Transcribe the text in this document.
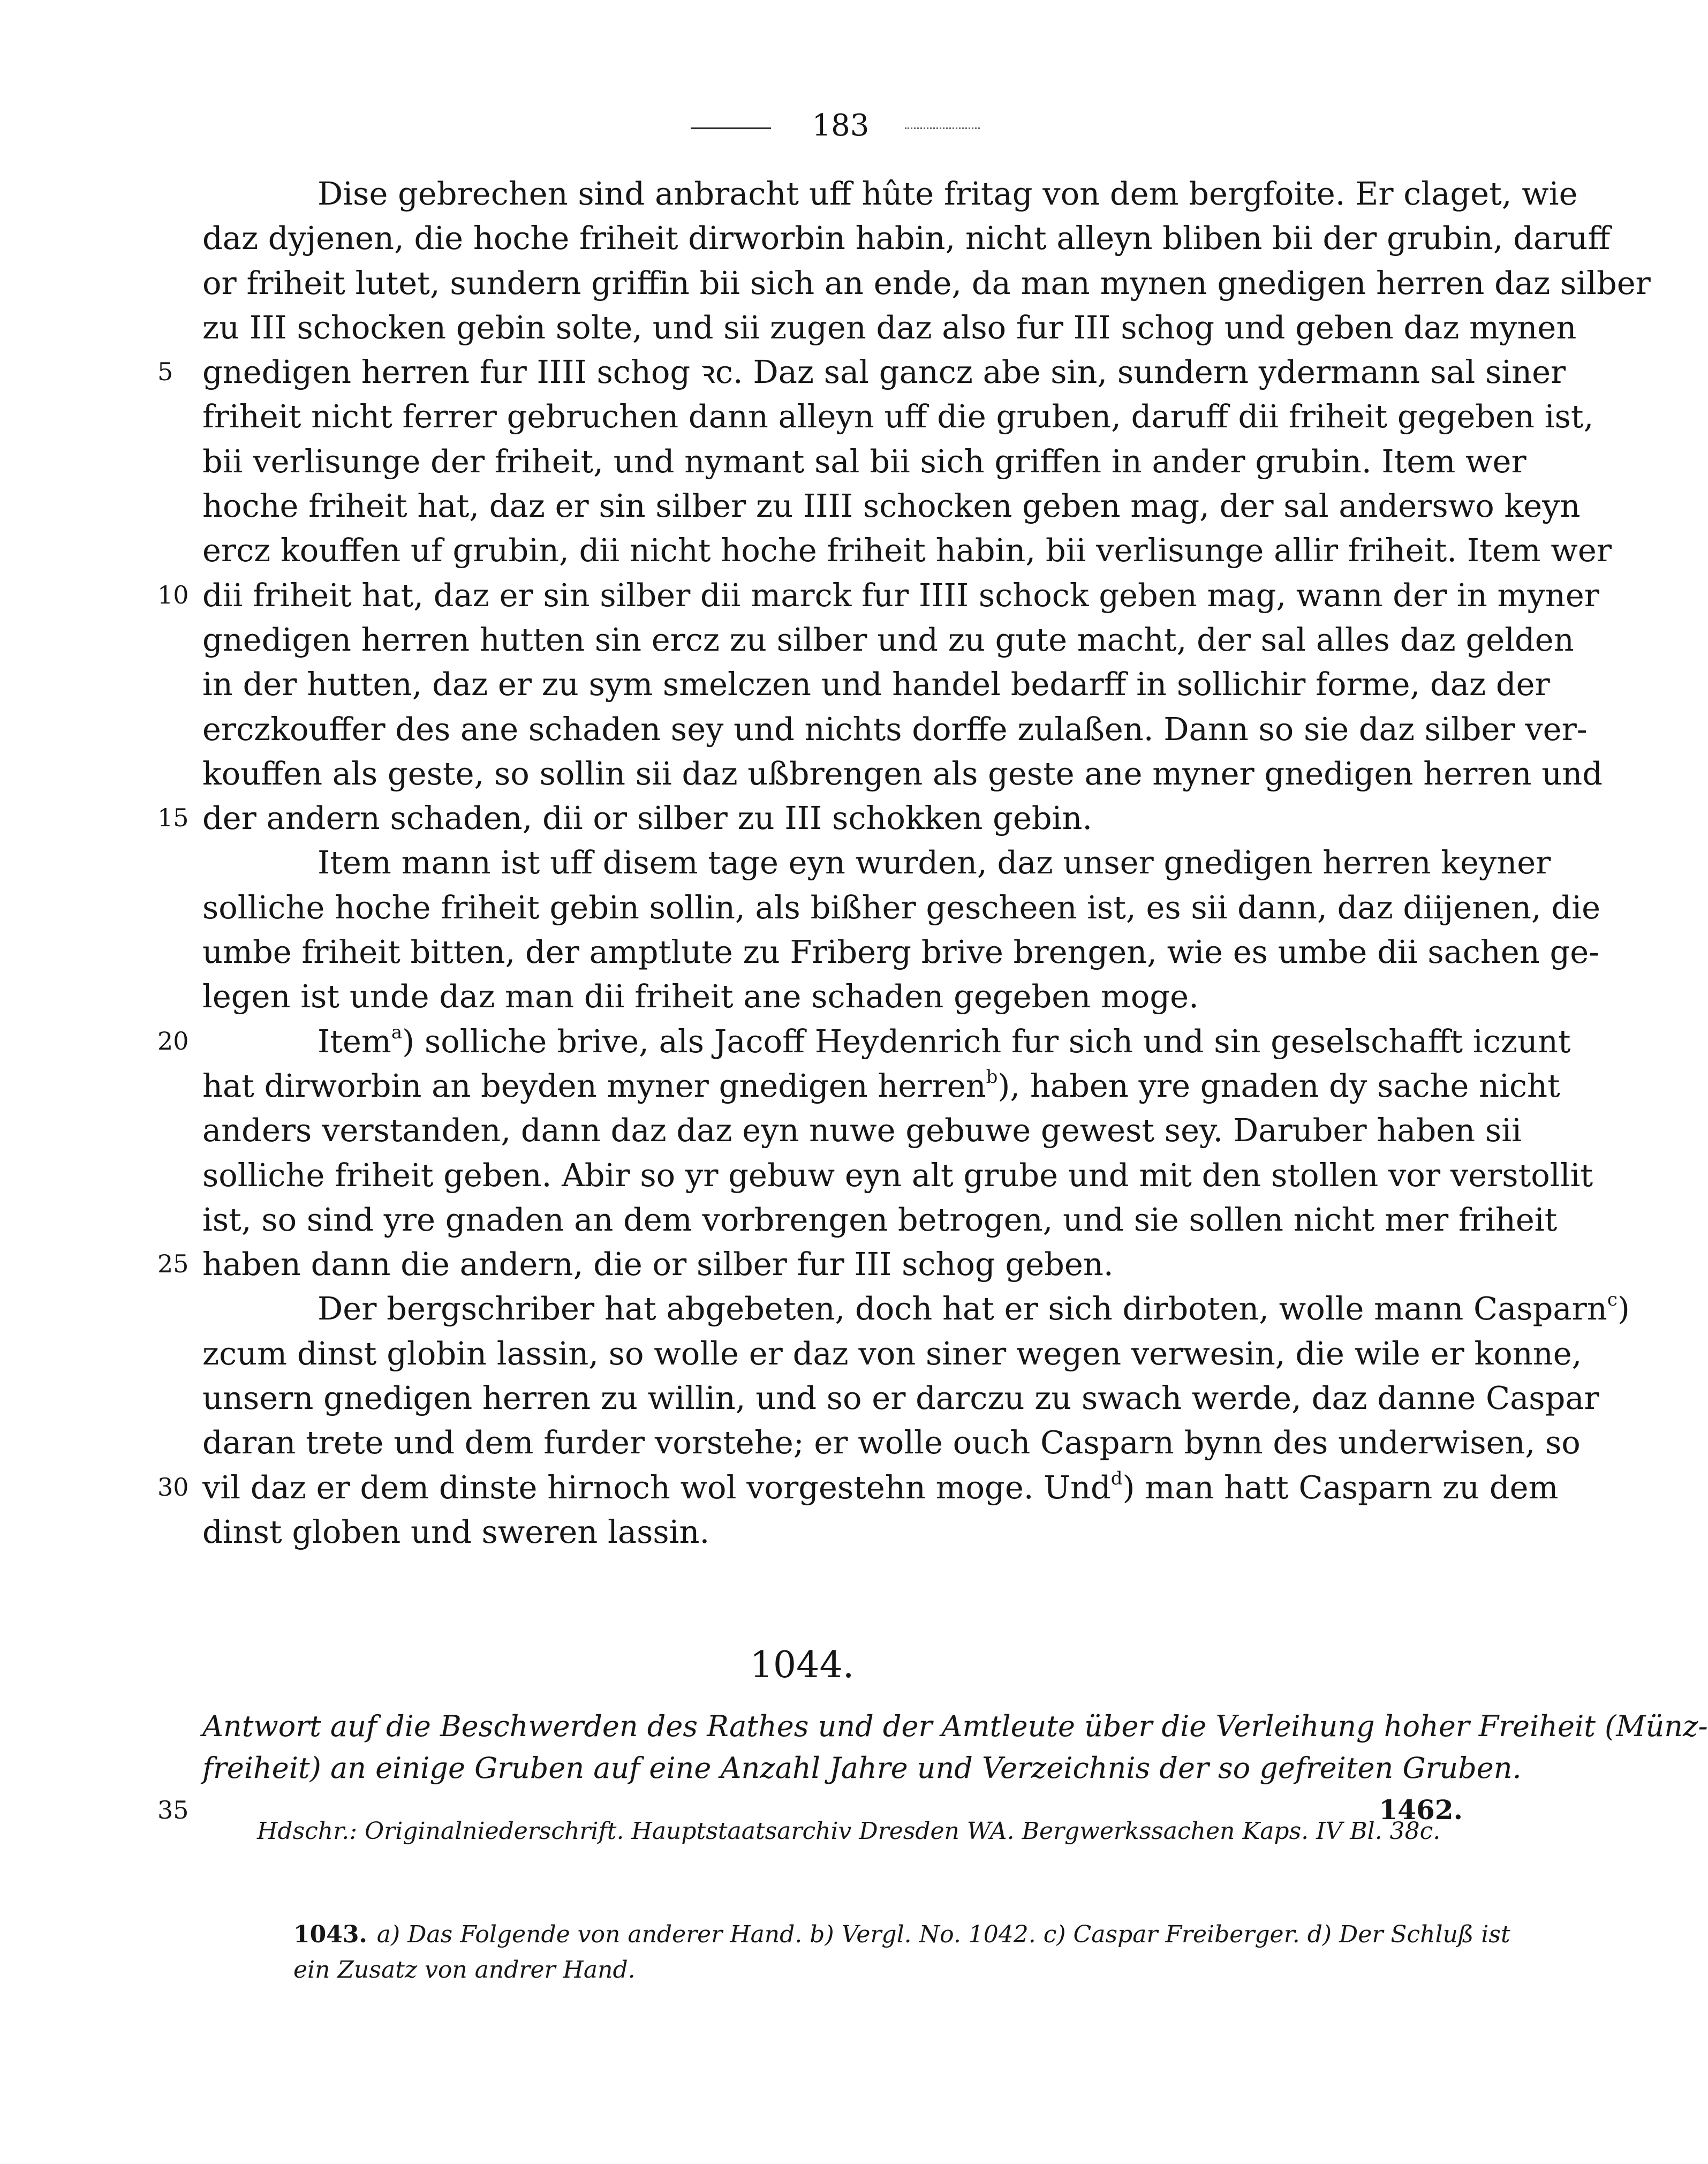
183
Dise gebrechen sind anbracht uff hûte fritag von dem bergfoite. Er claget, wie
daz dyjenen, die hoche friheit dirworbin habin, nicht alleyn bliben bii der grubin, daruff
or friheit lutet, sundern griffin bii sich an ende, da man mynen gnedigen herren daz silber
zu III schocken gebin solte, und sii zugen daz also fur III schog und geben daz mynen
5 gnedigen herren fur IIII schog ꝛc. Daz sal gancz abe sin, sundern ydermann sal siner
friheit nicht ferrer gebruchen dann alleyn uff die gruben, daruff dii friheit gegeben ist,
bii verlisunge der friheit, und nymant sal bii sich griffen in ander grubin. Item wer
hoche friheit hat, daz er sin silber zu IIII schocken geben mag, der sal anderswo keyn
ercz kouffen uf grubin, dii nicht hoche friheit habin, bii verlisunge allir friheit. Item wer
10 dii friheit hat, daz er sin silber dii marck fur IIII schock geben mag, wann der in myner
gnedigen herren hutten sin ercz zu silber und zu gute macht, der sal alles daz gelden
in der hutten, daz er zu sym smelczen und handel bedarff in sollichir forme, daz der
erczkouffer des ane schaden sey und nichts dorffe zulaßen. Dann so sie daz silber ver-
kouffen als geste, so sollin sii daz ußbrengen als geste ane myner gnedigen herren und
15 der andern schaden, dii or silber zu III schokken gebin.
Item mann ist uff disem tage eyn wurden, daz unser gnedigen herren keyner
solliche hoche friheit gebin sollin, als bißher gescheen ist, es sii dann, daz diijenen, die
umbe friheit bitten, der amptlute zu Friberg brive brengen, wie es umbe dii sachen ge-
legen ist unde daz man dii friheit ane schaden gegeben moge.
20	Item$^a$) solliche brive, als Jacoff Heydenrich fur sich und sin geselschafft iczunt
hat dirworbin an beyden myner gnedigen herren$^b$), haben yre gnaden dy sache nicht
anders verstanden, dann daz daz eyn nuwe gebuwe gewest sey. Daruber haben sii
solliche friheit geben. Abir so yr gebuw eyn alt grube und mit den stollen vor verstollit
ist, so sind yre gnaden an dem vorbrengen betrogen, und sie sollen nicht mer friheit
25 haben dann die andern, die or silber fur III schog geben.
Der bergschriber hat abgebeten, doch hat er sich dirboten, wolle mann Casparn$^c$)
zcum dinst globin lassin, so wolle er daz von siner wegen verwesin, die wile er konne,
unsern gnedigen herren zu willin, und so er darczu zu swach werde, daz danne Caspar
daran trete und dem furder vorstehe; er wolle ouch Casparn bynn des underwisen, so
30 vil daz er dem dinste hirnoch wol vorgestehn moge. Und$^d$) man hatt Casparn zu dem
dinst globen und sweren lassin.
1044.
Antwort auf die Beschwerden des Rathes und der Amtleute über die Verleihung hoher Freiheit (Münz-
freiheit) an einige Gruben auf eine Anzahl Jahre und Verzeichnis der so gefreiten Gruben.
35	1462.
Hdschr.: Originalniederschrift. Hauptstaatsarchiv Dresden WA. Bergwerkssachen Kaps. IV Bl. 38c.
1043. a) Das Folgende von anderer Hand. b) Vergl. No. 1042. c) Caspar Freiberger. d) Der Schluß ist
ein Zusatz von andrer Hand.
